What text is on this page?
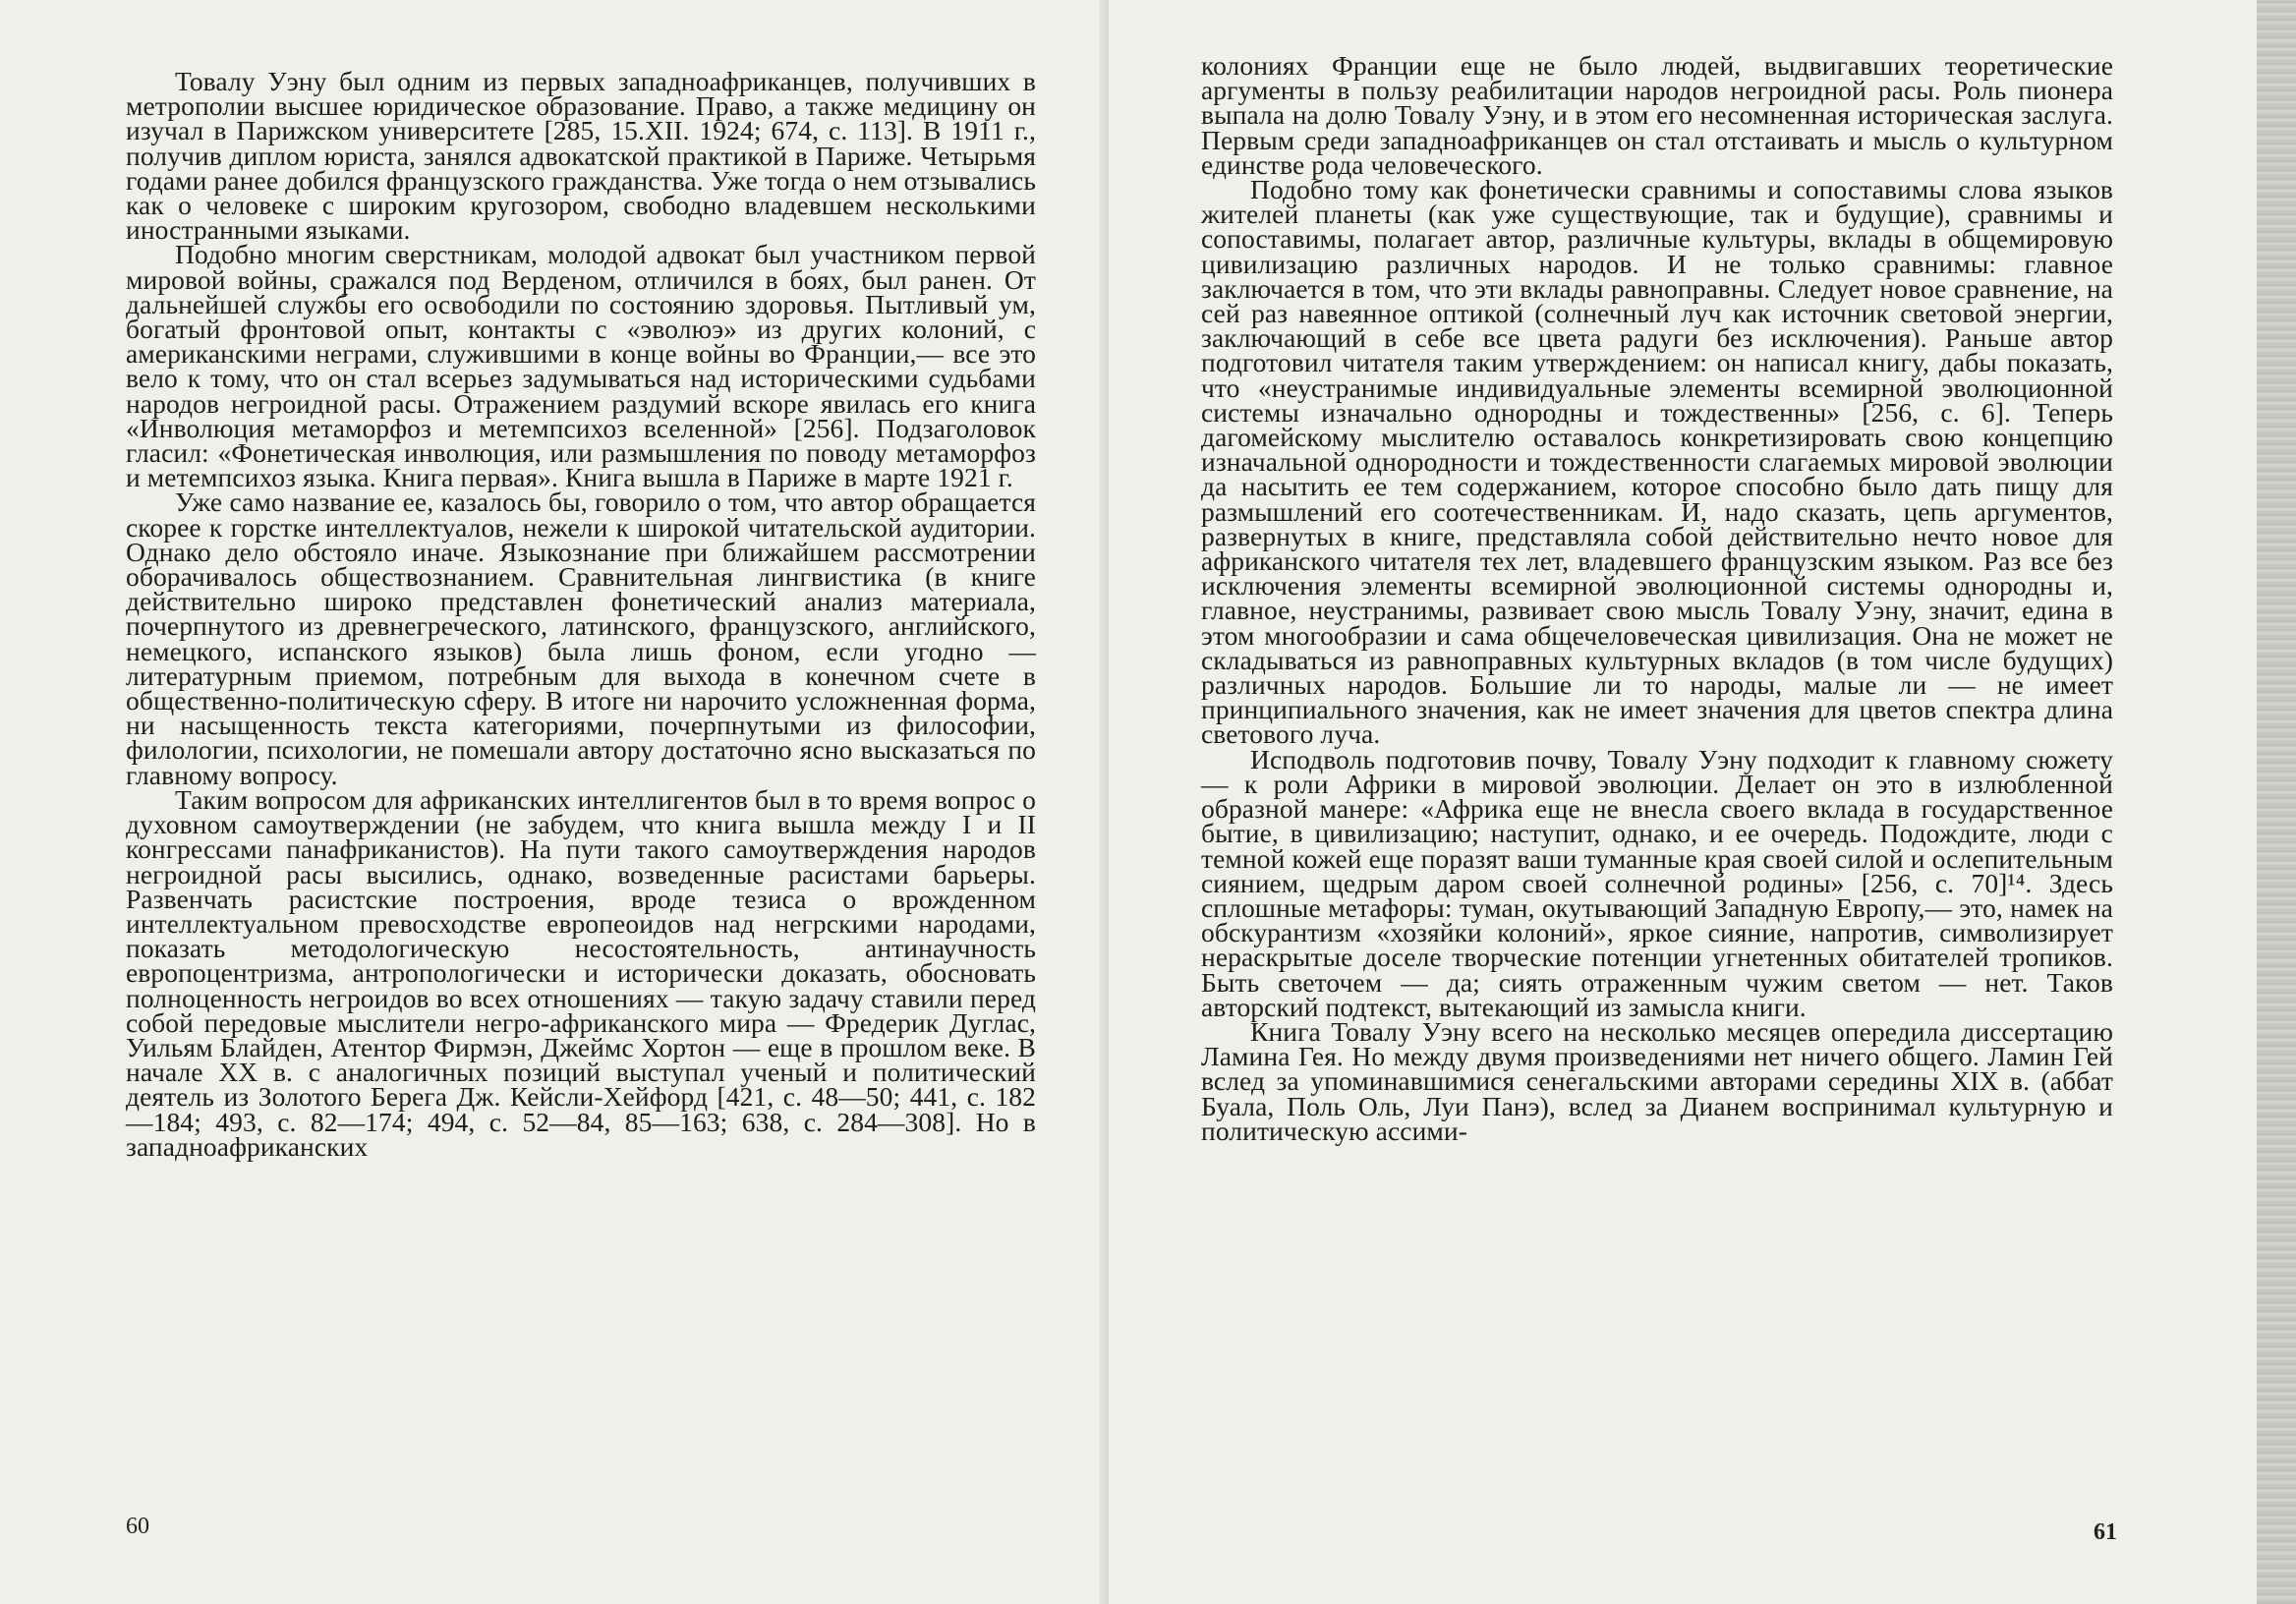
Товалу Уэну был одним из первых западноафриканцев, получивших в метрополии высшее юридическое образование. Право, а также медицину он изучал в Парижском университете [285, 15.XII. 1924; 674, с. 113]. В 1911 г., получив диплом юриста, занялся адвокатской практикой в Париже. Четырьмя годами ранее добился французского гражданства. Уже тогда о нем отзывались как о человеке с широким кругозором, свободно владевшем несколькими иностранными языками.

Подобно многим сверстникам, молодой адвокат был участником первой мировой войны, сражался под Верденом, отличился в боях, был ранен. От дальнейшей службы его освободили по состоянию здоровья. Пытливый ум, богатый фронтовой опыт, контакты с «эволюэ» из других колоний, с американскими неграми, служившими в конце войны во Франции,— все это вело к тому, что он стал всерьез задумываться над историческими судьбами народов негроидной расы. Отражением раздумий вскоре явилась его книга «Инволюция метаморфоз и метемпсихоз вселенной» [256]. Подзаголовок гласил: «Фонетическая инволюция, или размышления по поводу метаморфоз и метемпсихоз языка. Книга первая». Книга вышла в Париже в марте 1921 г.

Уже само название ее, казалось бы, говорило о том, что автор обращается скорее к горстке интеллектуалов, нежели к широкой читательской аудитории. Однако дело обстояло иначе. Языкознание при ближайшем рассмотрении оборачивалось обществознанием. Сравнительная лингвистика (в книге действительно широко представлен фонетический анализ материала, почерпнутого из древнегреческого, латинского, французского, английского, немецкого, испанского языков) была лишь фоном, если угодно — литературным приемом, потребным для выхода в конечном счете в общественно-политическую сферу. В итоге ни нарочито усложненная форма, ни насыщенность текста категориями, почерпнутыми из философии, филологии, психологии, не помешали автору достаточно ясно высказаться по главному вопросу.

Таким вопросом для африканских интеллигентов был в то время вопрос о духовном самоутверждении (не забудем, что книга вышла между I и II конгрессами панафриканистов). На пути такого самоутверждения народов негроидной расы высились, однако, возведенные расистами барьеры. Развенчать расистские построения, вроде тезиса о врожденном интеллектуальном превосходстве европеоидов над негрскими народами, показать методологическую несостоятельность, антинаучность европоцентризма, антропологически и исторически доказать, обосновать полноценность негроидов во всех отношениях — такую задачу ставили перед собой передовые мыслители негро-африканского мира — Фредерик Дуглас, Уильям Блайден, Атентор Фирмэн, Джеймс Хортон — еще в прошлом веке. В начале XX в. с аналогичных позиций выступал ученый и политический деятель из Золотого Берега Дж. Кейсли-Хейфорд [421, с. 48—50; 441, с. 182—184; 493, с. 82—174; 494, с. 52—84, 85—163; 638, с. 284—308]. Но в западноафриканских

60

колониях Франции еще не было людей, выдвигавших теоретические аргументы в пользу реабилитации народов негроидной расы. Роль пионера выпала на долю Товалу Уэну, и в этом его несомненная историческая заслуга. Первым среди западноафриканцев он стал отстаивать и мысль о культурном единстве рода человеческого.

Подобно тому как фонетически сравнимы и сопоставимы слова языков жителей планеты (как уже существующие, так и будущие), сравнимы и сопоставимы, полагает автор, различные культуры, вклады в общемировую цивилизацию различных народов. И не только сравнимы: главное заключается в том, что эти вклады равноправны. Следует новое сравнение, на сей раз навеянное оптикой (солнечный луч как источник световой энергии, заключающий в себе все цвета радуги без исключения). Раньше автор подготовил читателя таким утверждением: он написал книгу, дабы показать, что «неустранимые индивидуальные элементы всемирной эволюционной системы изначально однородны и тождественны» [256, с. 6]. Теперь дагомейскому мыслителю оставалось конкретизировать свою концепцию изначальной однородности и тождественности слагаемых мировой эволюции да насытить ее тем содержанием, которое способно было дать пищу для размышлений его соотечественникам. И, надо сказать, цепь аргументов, развернутых в книге, представляла собой действительно нечто новое для африканского читателя тех лет, владевшего французским языком. Раз все без исключения элементы всемирной эволюционной системы однородны и, главное, неустранимы, развивает свою мысль Товалу Уэну, значит, едина в этом многообразии и сама общечеловеческая цивилизация. Она не может не складываться из равноправных культурных вкладов (в том числе будущих) различных народов. Большие ли то народы, малые ли — не имеет принципиального значения, как не имеет значения для цветов спектра длина светового луча.

Исподволь подготовив почву, Товалу Уэну подходит к главному сюжету — к роли Африки в мировой эволюции. Делает он это в излюбленной образной манере: «Африка еще не внесла своего вклада в государственное бытие, в цивилизацию; наступит, однако, и ее очередь. Подождите, люди с темной кожей еще поразят ваши туманные края своей силой и ослепительным сиянием, щедрым даром своей солнечной родины» [256, с. 70]¹⁴. Здесь сплошные метафоры: туман, окутывающий Западную Европу,— это, намек на обскурантизм «хозяйки колоний», яркое сияние, напротив, символизирует нераскрытые доселе творческие потенции угнетенных обитателей тропиков. Быть светочем — да; сиять отраженным чужим светом — нет. Таков авторский подтекст, вытекающий из замысла книги.

Книга Товалу Уэну всего на несколько месяцев опередила диссертацию Ламина Гея. Но между двумя произведениями нет ничего общего. Ламин Гей вслед за упоминавшимися сенегальскими авторами середины XIX в. (аббат Буала, Поль Оль, Луи Панэ), вслед за Дианем воспринимал культурную и политическую ассими-

61
